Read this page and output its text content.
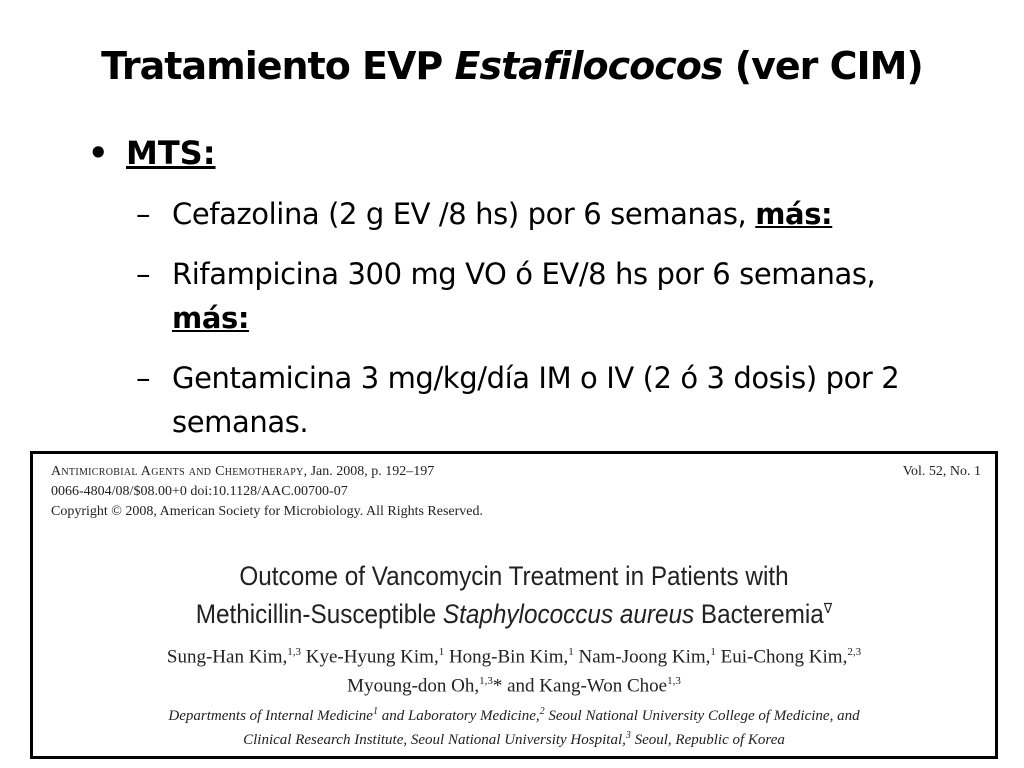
Tratamiento EVP Estafilococos (ver CIM)
• MTS:
– Cefazolina (2 g EV /8 hs) por 6 semanas, más:
– Rifampicina 300 mg VO ó EV/8 hs por 6 semanas, más:
– Gentamicina 3 mg/kg/día IM o IV (2 ó 3 dosis) por 2 semanas.
Antimicrobial Agents and Chemotherapy, Jan. 2008, p. 192–197	Vol. 52, No. 1
0066-4804/08/$08.00+0 doi:10.1128/AAC.00700-07
Copyright © 2008, American Society for Microbiology. All Rights Reserved.
Outcome of Vancomycin Treatment in Patients with
Methicillin-Susceptible Staphylococcus aureus Bacteremia∇
Sung-Han Kim,$^{1,3}$ Kye-Hyung Kim,$^1$ Hong-Bin Kim,$^1$ Nam-Joong Kim,$^1$ Eui-Chong Kim,$^{2,3}$
Myoung-don Oh,$^{1,3}$* and Kang-Won Choe$^{1,3}$
Departments of Internal Medicine$^1$ and Laboratory Medicine,$^2$ Seoul National University College of Medicine, and
Clinical Research Institute, Seoul National University Hospital,$^3$ Seoul, Republic of Korea
